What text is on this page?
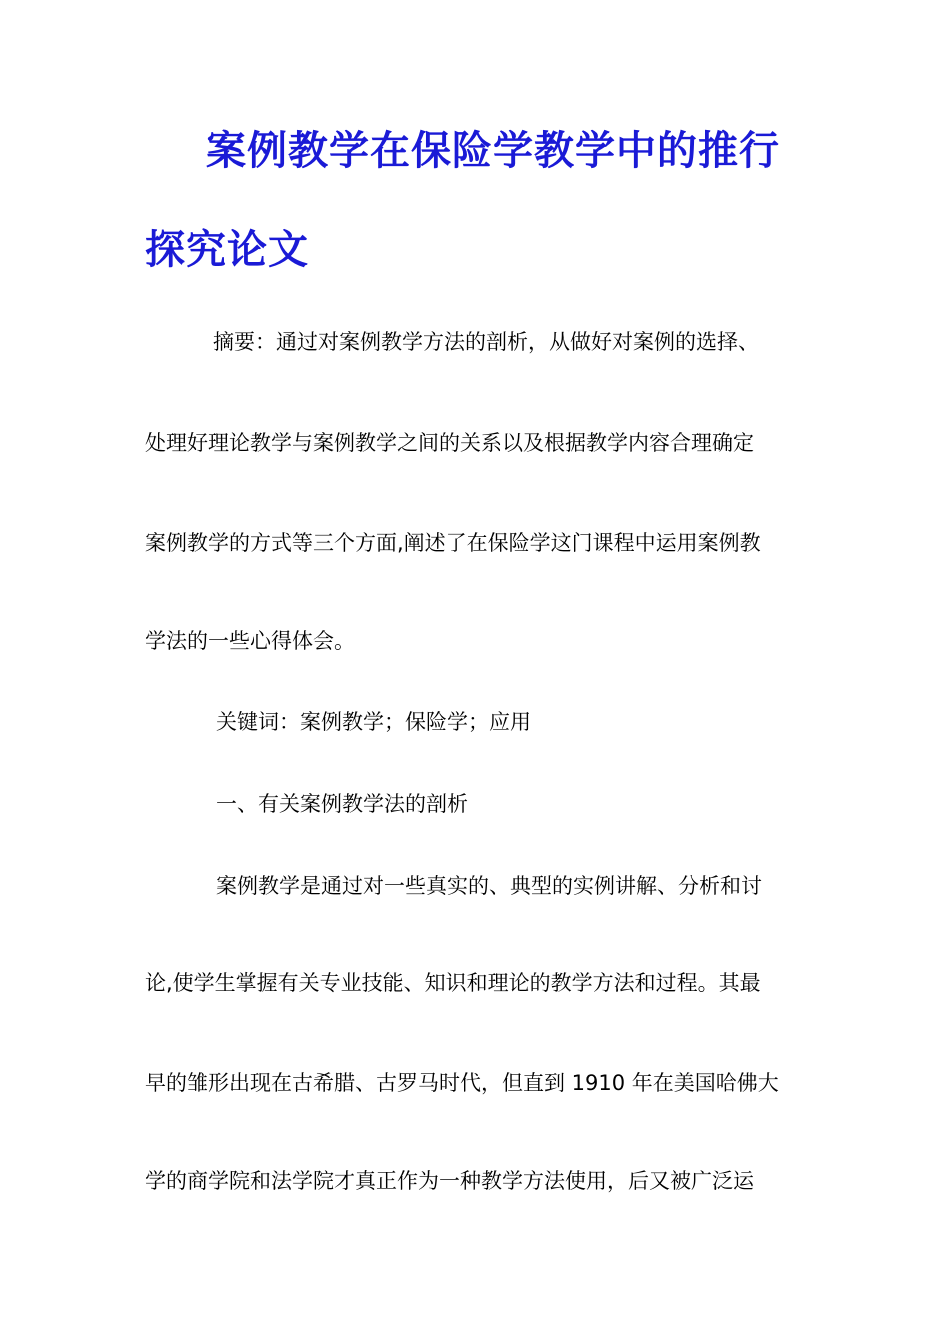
案例教学在保险学教学中的推行
探究论文
摘要：通过对案例教学方法的剖析，从做好对案例的选择、
处理好理论教学与案例教学之间的关系以及根据教学内容合理确定
案例教学的方式等三个方面,阐述了在保险学这门课程中运用案例教
学法的一些心得体会。
关键词：案例教学；保险学；应用
一、有关案例教学法的剖析
案例教学是通过对一些真实的、典型的实例讲解、分析和讨
论,使学生掌握有关专业技能、知识和理论的教学方法和过程。其最
早的雏形出现在古希腊、古罗马时代，但直到 1910 年在美国哈佛大
学的商学院和法学院才真正作为一种教学方法使用，后又被广泛运
